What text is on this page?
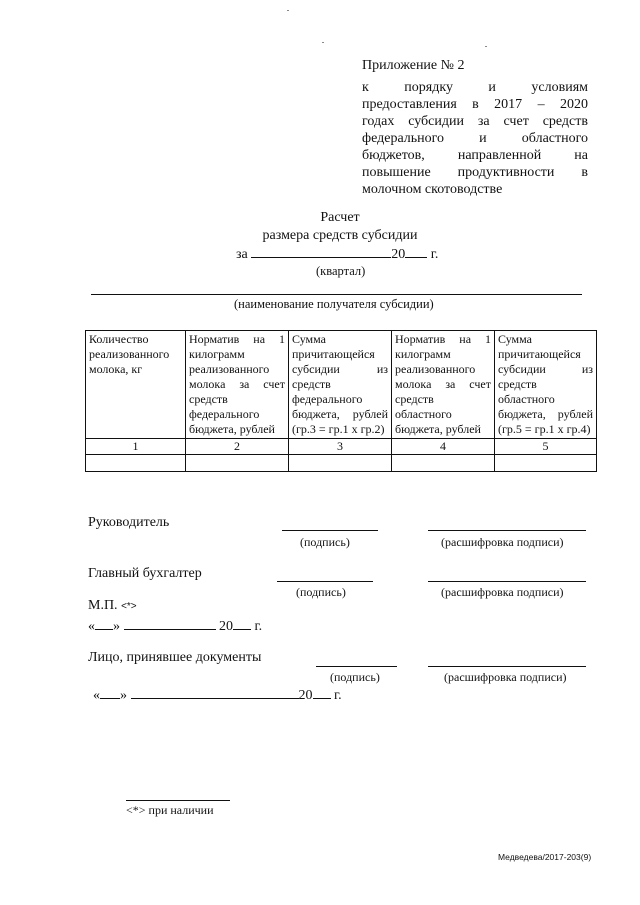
Приложение № 2
к порядку и условиям
предоставления в 2017 – 2020
годах субсидии за счет средств
федерального и областного
бюджетов, направленной на
повышение продуктивности в
молочном скотоводстве
Расчет
размера средств субсидии
за	20 г.
(квартал)
(наименование получателя субсидии)
Количество реализованного молока, кг	Норматив на 1 килограмм реализованного молока за счет средств федерального бюджета, рублей	Сумма причитающейся субсидии из средств федерального бюджета, рублей (гр.3 = гр.1 x гр.2)	Норматив на 1 килограмм реализованного молока за счет средств областного бюджета, рублей	Сумма причитающейся субсидии из средств областного бюджета, рублей (гр.5 = гр.1 x гр.4)
1	2	3	4	5

Руководитель
(подпись)	(расшифровка подписи)
Главный бухгалтер
(подпись)	(расшифровка подписи)
М.П. <*>
« »	20 г.
Лицо, принявшее документы
(подпись)	(расшифровка подписи)
« »	20 г.
<*> при наличии
Медведева/2017-203(9)
